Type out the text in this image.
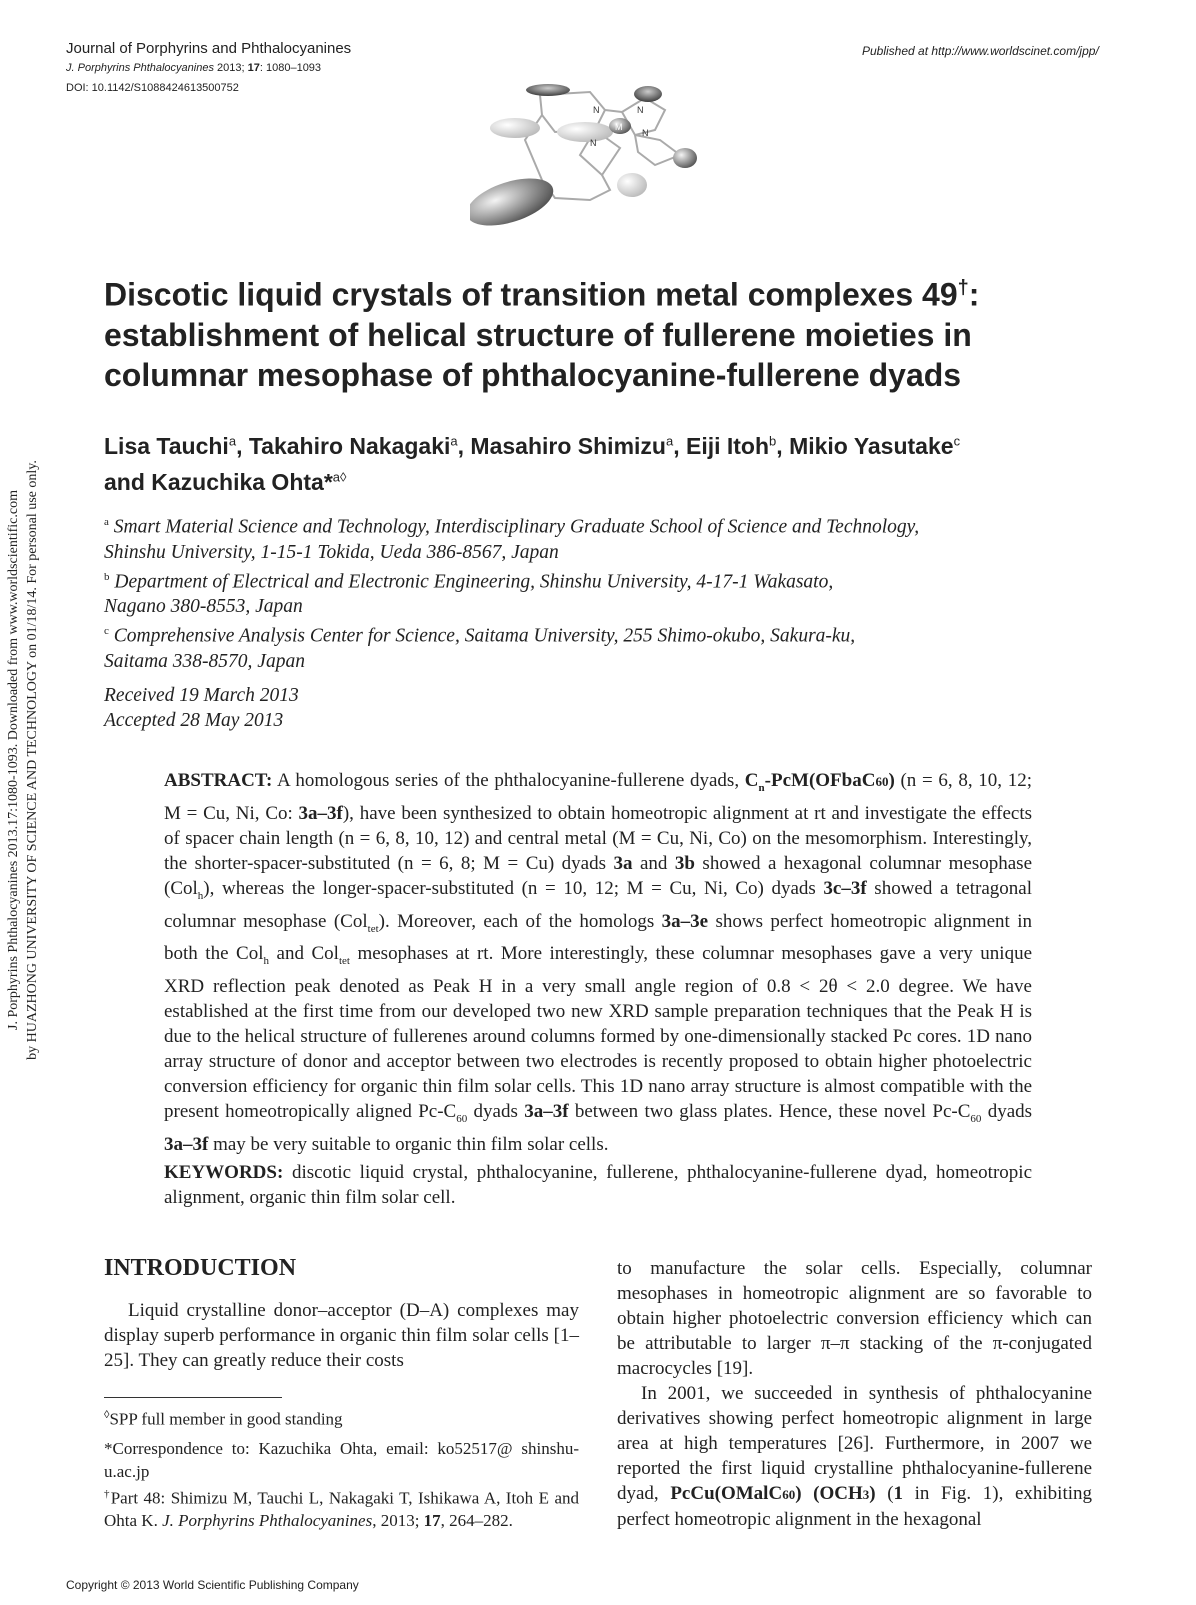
Journal of Porphyrins and Phthalocyanines
J. Porphyrins Phthalocyanines 2013; 17: 1080–1093
DOI: 10.1142/S1088424613500752
Published at http://www.worldscinet.com/jpp/
N	N
M
N
N
J. Porphyrins Phthalocyanines 2013.17:1080-1093. Downloaded from www.worldscientific.com by HUAZHONG UNIVERSITY OF SCIENCE AND TECHNOLOGY on 01/18/14. For personal use only.
Discotic liquid crystals of transition metal complexes 49†:
establishment of helical structure of fullerene moieties in
columnar mesophase of phthalocyanine-fullerene dyads
Lisa Tauchi$^a$, Takahiro Nakagaki$^a$, Masahiro Shimizu$^a$, Eiji Itoh$^b$, Mikio Yasutake$^c$
and Kazuchika Ohta*$^{a◊}$
$^a$ Smart Material Science and Technology, Interdisciplinary Graduate School of Science and Technology,
Shinshu University, 1-15-1 Tokida, Ueda 386-8567, Japan
$^b$ Department of Electrical and Electronic Engineering, Shinshu University, 4-17-1 Wakasato,
Nagano 380-8553, Japan
$^c$ Comprehensive Analysis Center for Science, Saitama University, 255 Shimo-okubo, Sakura-ku,
Saitama 338-8570, Japan
Received 19 March 2013
Accepted 28 May 2013
ABSTRACT: A homologous series of the phthalocyanine-fullerene dyads, $C_n-PcM(OFbaC60) (n = 6$, 8, 10, 12; M = Cu, Ni, Co: 3a–3f), have been synthesized to obtain homeotropic alignment at rt and investigate the effects of spacer chain length (n = 6, 8, 10, 12) and central metal (M = Cu, Ni, Co) on the mesomorphism. Interestingly, the shorter-spacer-substituted (n = 6, 8; M = Cu) dyads 3a and 3b showed a hexagonal columnar mesophase (Col$_h$), whereas the longer-spacer-substituted (n = 10, 12; M = Cu, Ni, Co) dyads 3c–3f showed a tetragonal columnar mesophase (Col$_{tet}$). Moreover, each of the homologs 3a–3e shows perfect homeotropic alignment in both the Col$_h$ and Col$_{tet}$ mesophases at rt. More interestingly, these columnar mesophases gave a very unique XRD reflection peak denoted as Peak H in a very small angle region of 0.8 < 2θ < 2.0 degree. We have established at the first time from our developed two new XRD sample preparation techniques that the Peak H is due to the helical structure of fullerenes around columns formed by one-dimensionally stacked Pc cores. 1D nano array structure of donor and acceptor between two electrodes is recently proposed to obtain higher photoelectric conversion efficiency for organic thin film solar cells. This 1D nano array structure is almost compatible with the present homeotropically aligned $Pc-C_{60}$ dyads 3a–3f between two glass plates. Hence, these novel $Pc-C_{60}$ dyads 3a–3f may be very suitable to organic thin film solar cells.
KEYWORDS: discotic liquid crystal, phthalocyanine, fullerene, phthalocyanine-fullerene dyad, homeotropic alignment, organic thin film solar cell.
INTRODUCTION

Liquid crystalline donor–acceptor (D–A) complexes may display superb performance in organic thin film solar cells [1–25]. They can greatly reduce their costs

to manufacture the solar cells. Especially, columnar mesophases in homeotropic alignment are so favorable to obtain higher photoelectric conversion efficiency which can be attributable to larger π–π stacking of the π-conjugated macrocycles [19].

In 2001, we succeeded in synthesis of phthalocyanine derivatives showing perfect homeotropic alignment in large area at high temperatures [26]. Furthermore, in 2007 we reported the first liquid crystalline phthalocyanine-fullerene dyad, PcCu(OMalC60) (OCH3) (1 in Fig. 1), exhibiting perfect homeotropic alignment in the hexagonal

◊SPP full member in good standing

*Correspondence to: Kazuchika Ohta, email: ko52517@ shinshu-u.ac.jp

†Part 48: Shimizu M, Tauchi L, Nakagaki T, Ishikawa A, Itoh E and Ohta K. J. Porphyrins Phthalocyanines, 2013; 17, 264–282.

Copyright © 2013 World Scientific Publishing Company
